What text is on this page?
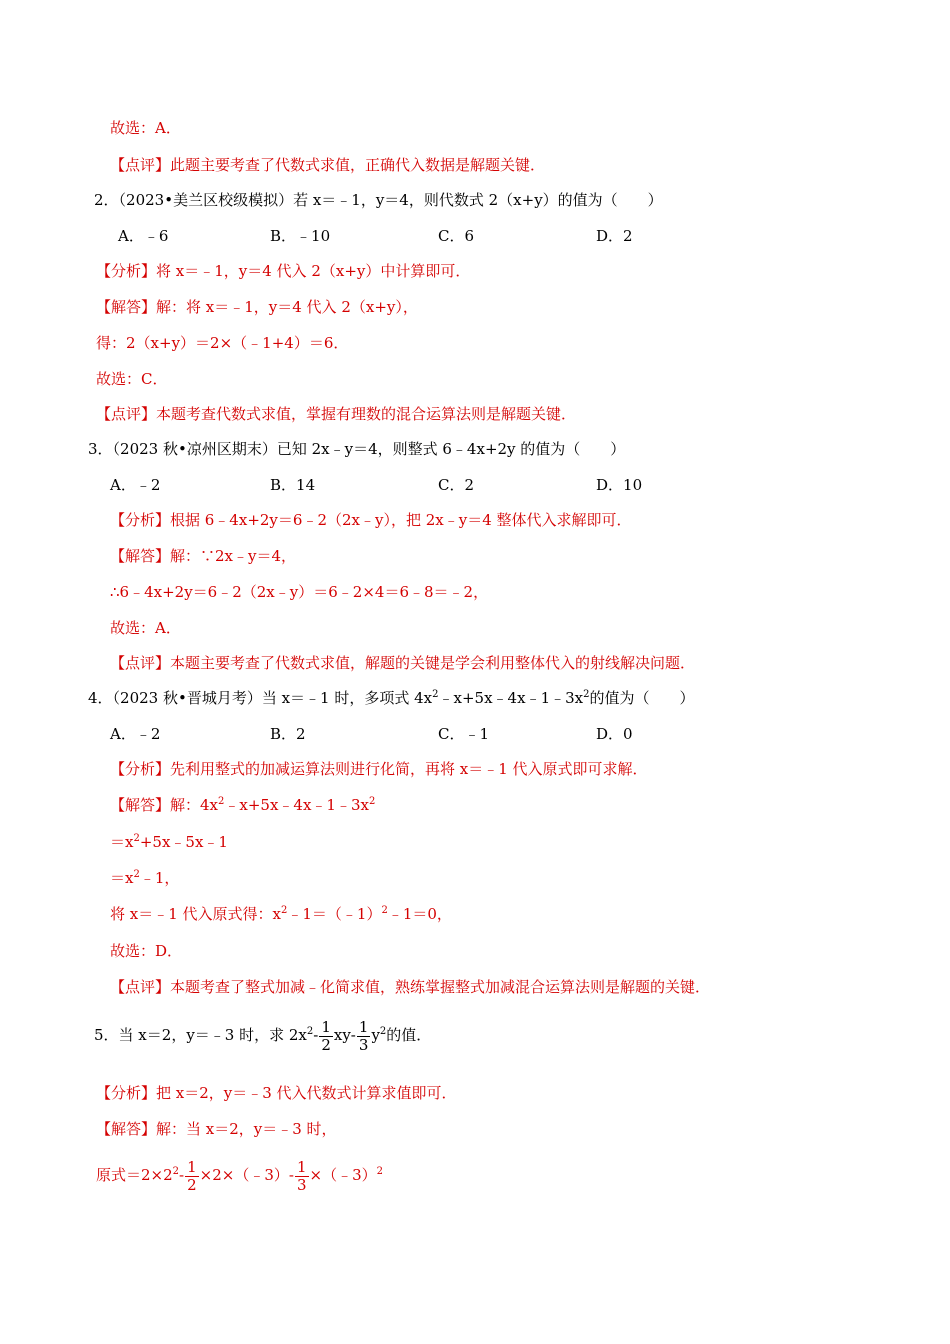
故选：A．
【点评】此题主要考查了代数式求值，正确代入数据是解题关键．
2．（2023•美兰区校级模拟）若 x＝﹣1，y＝4，则代数式 2（x+y）的值为（　　）
A．﹣6	B．﹣10	C．6	D．2
【分析】将 x＝﹣1，y＝4 代入 2（x+y）中计算即可．
【解答】解：将 x＝﹣1，y＝4 代入 2（x+y），
得：2（x+y）＝2×（﹣1+4）＝6．
故选：C．
【点评】本题考查代数式求值，掌握有理数的混合运算法则是解题关键．
3．（2023 秋•凉州区期末）已知 2x﹣y＝4，则整式 6﹣4x+2y 的值为（　　）
A．﹣2	B．14	C．2	D．10
【分析】根据 6﹣4x+2y＝6﹣2（2x﹣y），把 2x﹣y＝4 整体代入求解即可．
【解答】解：∵2x﹣y＝4，
∴6﹣4x+2y＝6﹣2（2x﹣y）＝6﹣2×4＝6﹣8＝﹣2，
故选：A．
【点评】本题主要考查了代数式求值，解题的关键是学会利用整体代入的射线解决问题．
4．（2023 秋•晋城月考）当 x＝﹣1 时，多项式 $4x^2﹣x+5x﹣4x﹣1﹣3x^2$的值为（　　）
A．﹣2	B．2	C．﹣1	D．0
【分析】先利用整式的加减运算法则进行化简，再将 x＝﹣1 代入原式即可求解．
【解答】解：$4x^2﹣x+5x﹣4x﹣1﹣3x^2$
$=x^2+5x﹣5x﹣1$
$=x^2﹣1$，
将 x＝﹣1 代入原式得：$x^2﹣1=(﹣1)^2﹣1=0$，
故选：D．
【点评】本题考查了整式加减﹣化简求值，熟练掌握整式加减混合运算法则是解题的关键．
5．当 x＝2，y＝﹣3 时，求 $2x^2- \frac{1}{2} xy- \frac{1}{3} y^2$的值．
【分析】把 x＝2，y＝﹣3 代入代数式计算求值即可．
【解答】解：当 x＝2，y＝﹣3 时，
原式$=2\times 2^2- \frac{1}{2}$ ×2×（﹣3）- $\frac{1}{3}$ ×（﹣3）$^2$
